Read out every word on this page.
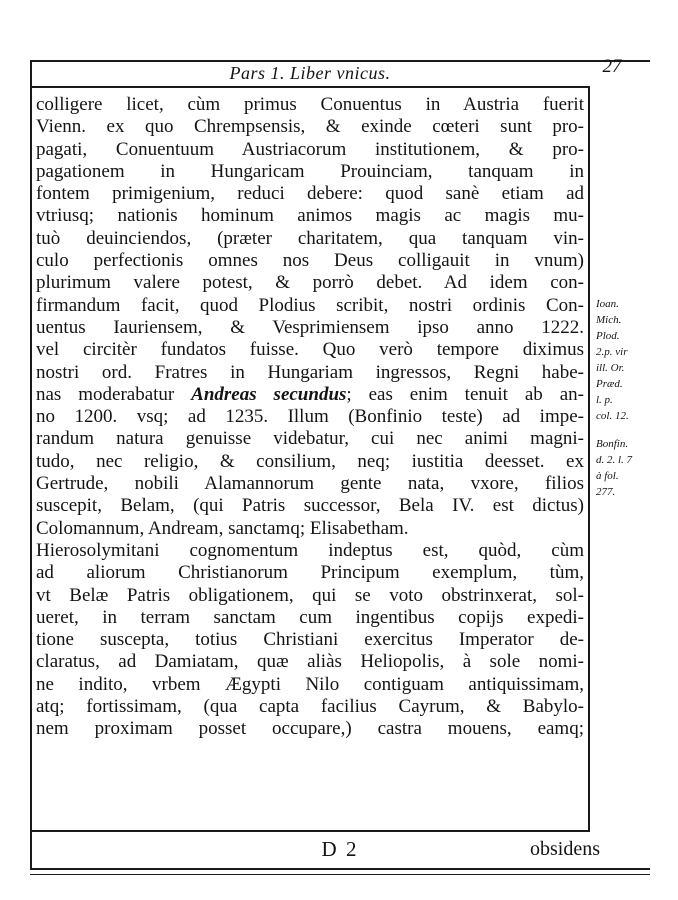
Pars 1. Liber vnicus.	27
colligere licet, cùm primus Conuentus in Austria fuerit
Vienn. ex quo Chrempsensis, & exinde cœteri sunt pro-
pagati, Conuentuum Austriacorum institutionem, & pro-
pagationem in Hungaricam Prouinciam, tanquam in
fontem primigenium, reduci debere: quod sanè etiam ad
vtriusq; nationis hominum animos magis ac magis mu-
tuò deuinciendos, (præter charitatem, qua tanquam vin-
culo perfectionis omnes nos Deus colligauit in vnum)
plurimum valere potest, & porrò debet. Ad idem con-
firmandum facit, quod Plodius scribit, nostri ordinis Con-
uentus Iauriensem, & Vesprimiensem ipso anno 1222.
vel circitèr fundatos fuisse. Quo verò tempore diximus
nostri ord. Fratres in Hungariam ingressos, Regni habe-
nas moderabatur Andreas secundus; eas enim tenuit ab an-
no 1200. vsq; ad 1235. Illum (Bonfinio teste) ad impe-
randum natura genuisse videbatur, cui nec animi magni-
tudo, nec religio, & consilium, neq; iustitia deesset. ex
Gertrude, nobili Alamannorum gente nata, vxore, filios
suscepit, Belam, (qui Patris successor, Bela IV. est dictus)
Colomannum, Andream, sanctamq; Elisabetham.
Hierosolymitani cognomentum indeptus est, quòd, cùm
ad aliorum Christianorum Principum exemplum, tùm,
vt Belæ Patris obligationem, qui se voto obstrinxerat, sol-
ueret, in terram sanctam cum ingentibus copijs expedi-
tione suscepta, totius Christiani exercitus Imperator de-
claratus, ad Damiatam, quæ aliàs Heliopolis, à sole nomi-
ne indito, vrbem Ægypti Nilo contiguam antiquissimam,
atq; fortissimam, (qua capta facilius Cayrum, & Babylo-
nem proximam posset occupare,) castra mouens, eamq;
Ioan.
Mich.
Plod.
2.p. vir
ill. Or.
Præd.
l. p.
col. 12.
Bonfin.
d. 2. l. 7
à fol.
277.
D 2	obsidens
